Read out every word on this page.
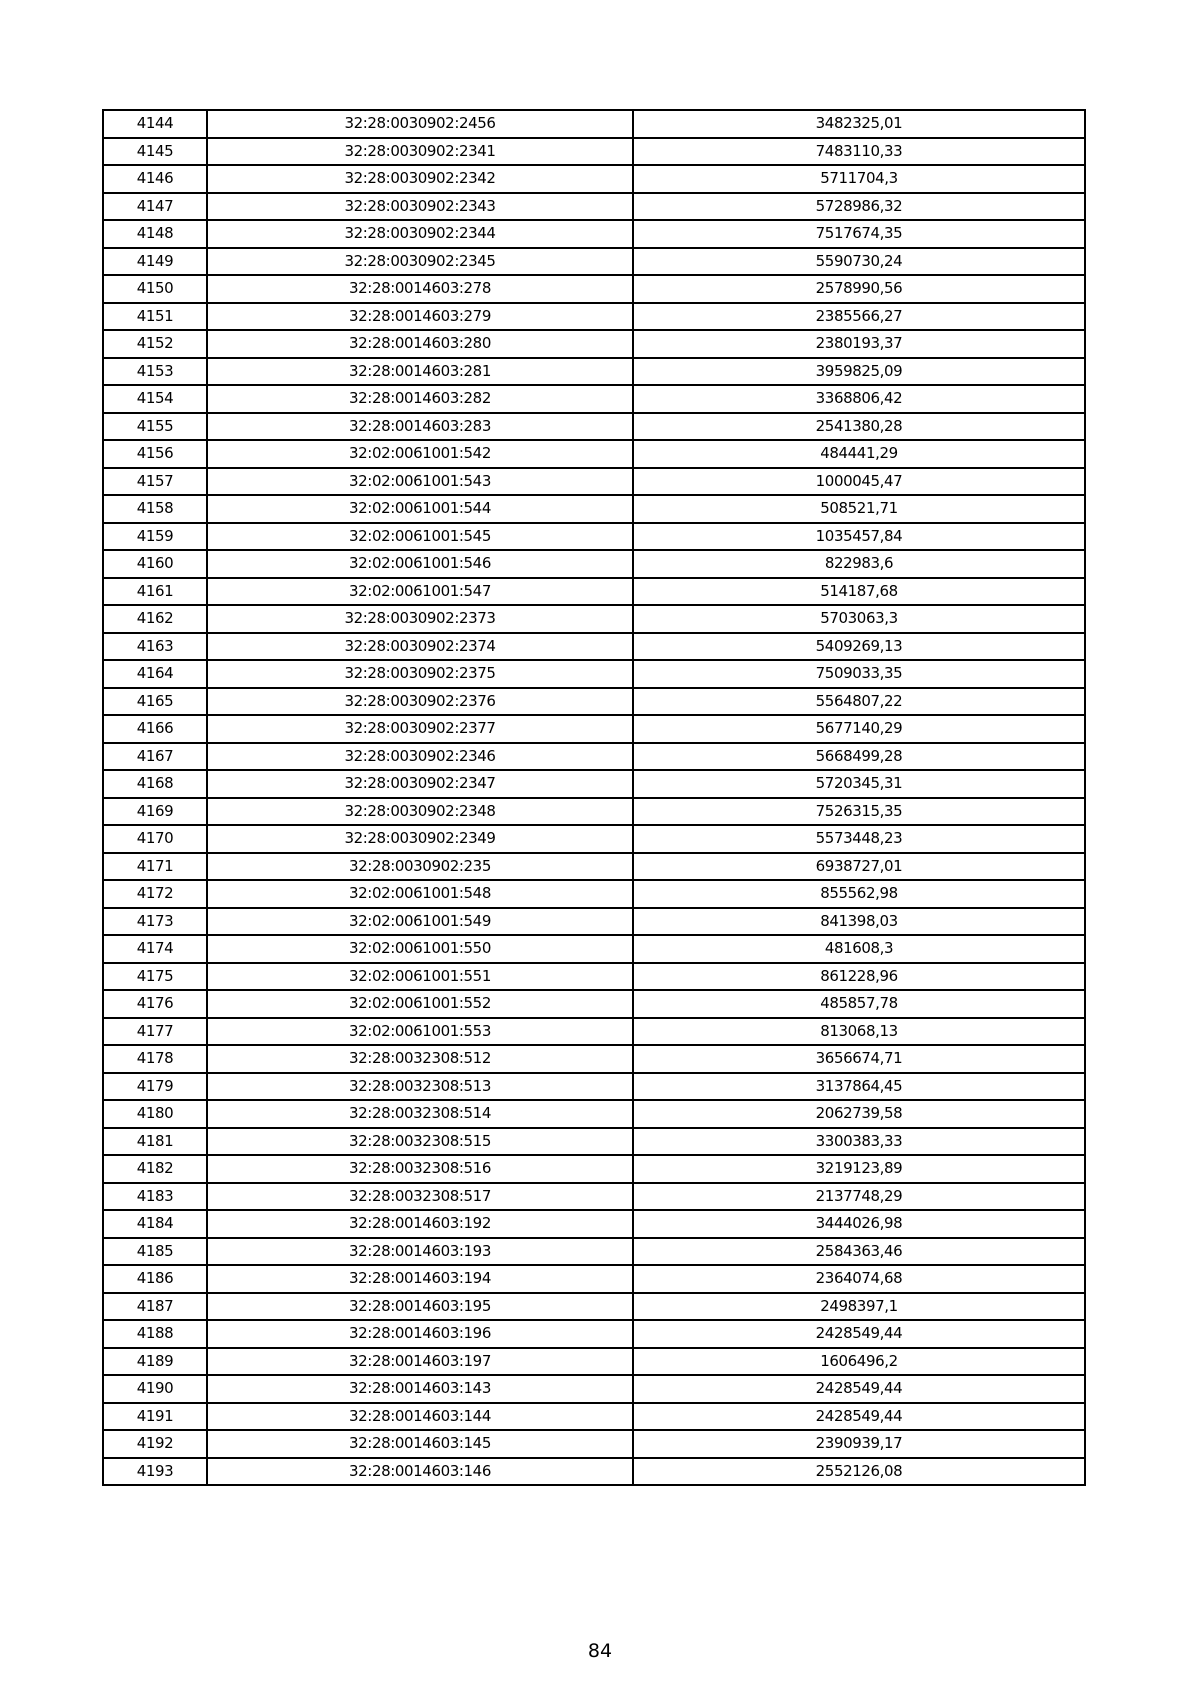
4144	32:28:0030902:2456	3482325,01
4145	32:28:0030902:2341	7483110,33
4146	32:28:0030902:2342	5711704,3
4147	32:28:0030902:2343	5728986,32
4148	32:28:0030902:2344	7517674,35
4149	32:28:0030902:2345	5590730,24
4150	32:28:0014603:278	2578990,56
4151	32:28:0014603:279	2385566,27
4152	32:28:0014603:280	2380193,37
4153	32:28:0014603:281	3959825,09
4154	32:28:0014603:282	3368806,42
4155	32:28:0014603:283	2541380,28
4156	32:02:0061001:542	484441,29
4157	32:02:0061001:543	1000045,47
4158	32:02:0061001:544	508521,71
4159	32:02:0061001:545	1035457,84
4160	32:02:0061001:546	822983,6
4161	32:02:0061001:547	514187,68
4162	32:28:0030902:2373	5703063,3
4163	32:28:0030902:2374	5409269,13
4164	32:28:0030902:2375	7509033,35
4165	32:28:0030902:2376	5564807,22
4166	32:28:0030902:2377	5677140,29
4167	32:28:0030902:2346	5668499,28
4168	32:28:0030902:2347	5720345,31
4169	32:28:0030902:2348	7526315,35
4170	32:28:0030902:2349	5573448,23
4171	32:28:0030902:235	6938727,01
4172	32:02:0061001:548	855562,98
4173	32:02:0061001:549	841398,03
4174	32:02:0061001:550	481608,3
4175	32:02:0061001:551	861228,96
4176	32:02:0061001:552	485857,78
4177	32:02:0061001:553	813068,13
4178	32:28:0032308:512	3656674,71
4179	32:28:0032308:513	3137864,45
4180	32:28:0032308:514	2062739,58
4181	32:28:0032308:515	3300383,33
4182	32:28:0032308:516	3219123,89
4183	32:28:0032308:517	2137748,29
4184	32:28:0014603:192	3444026,98
4185	32:28:0014603:193	2584363,46
4186	32:28:0014603:194	2364074,68
4187	32:28:0014603:195	2498397,1
4188	32:28:0014603:196	2428549,44
4189	32:28:0014603:197	1606496,2
4190	32:28:0014603:143	2428549,44
4191	32:28:0014603:144	2428549,44
4192	32:28:0014603:145	2390939,17
4193	32:28:0014603:146	2552126,08
84
